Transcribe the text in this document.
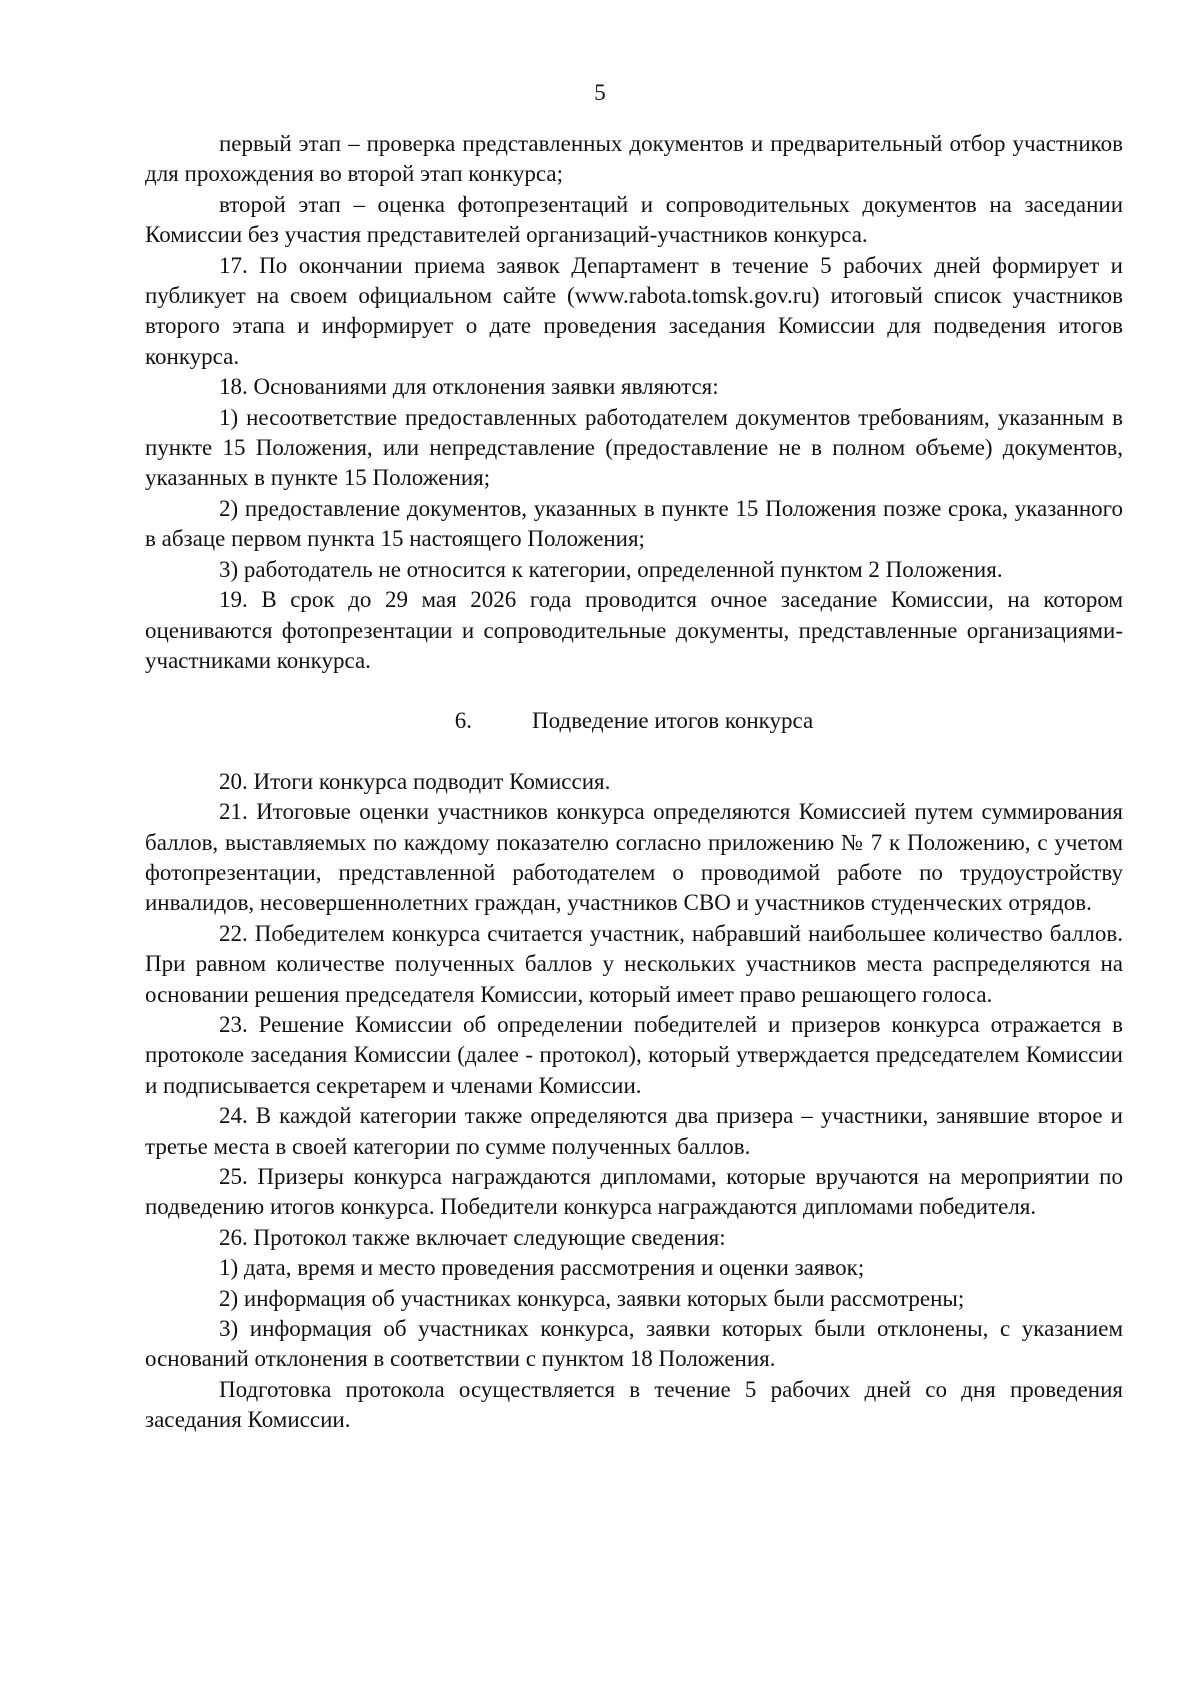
5

первый этап – проверка представленных документов и предварительный отбор участников для прохождения во второй этап конкурса;

второй этап – оценка фотопрезентаций и сопроводительных документов на заседании Комиссии без участия представителей организаций-участников конкурса.

17. По окончании приема заявок Департамент в течение 5 рабочих дней формирует и публикует на своем официальном сайте (www.rabota.tomsk.gov.ru) итоговый список участников второго этапа и информирует о дате проведения заседания Комиссии для подведения итогов конкурса.

18. Основаниями для отклонения заявки являются:

1) несоответствие предоставленных работодателем документов требованиям, указанным в пункте 15 Положения, или непредставление (предоставление не в полном объеме) документов, указанных в пункте 15 Положения;

2) предоставление документов, указанных в пункте 15 Положения позже срока, указанного в абзаце первом пункта 15 настоящего Положения;

3) работодатель не относится к категории, определенной пунктом 2 Положения.

19. В срок до 29 мая 2026 года проводится очное заседание Комиссии, на котором оцениваются фотопрезентации и сопроводительные документы, представленные организациями-участниками конкурса.

6.	Подведение итогов конкурса

20. Итоги конкурса подводит Комиссия.

21. Итоговые оценки участников конкурса определяются Комиссией путем суммирования баллов, выставляемых по каждому показателю согласно приложению № 7 к Положению, с учетом фотопрезентации, представленной работодателем о проводимой работе по трудоустройству инвалидов, несовершеннолетних граждан, участников СВО и участников студенческих отрядов.

22. Победителем конкурса считается участник, набравший наибольшее количество баллов. При равном количестве полученных баллов у нескольких участников места распределяются на основании решения председателя Комиссии, который имеет право решающего голоса.

23. Решение Комиссии об определении победителей и призеров конкурса отражается в протоколе заседания Комиссии (далее - протокол), который утверждается председателем Комиссии и подписывается секретарем и членами Комиссии.

24. В каждой категории также определяются два призера – участники, занявшие второе и третье места в своей категории по сумме полученных баллов.

25. Призеры конкурса награждаются дипломами, которые вручаются на мероприятии по подведению итогов конкурса. Победители конкурса награждаются дипломами победителя.

26. Протокол также включает следующие сведения:

1) дата, время и место проведения рассмотрения и оценки заявок;

2) информация об участниках конкурса, заявки которых были рассмотрены;

3) информация об участниках конкурса, заявки которых были отклонены, с указанием оснований отклонения в соответствии с пунктом 18 Положения.

Подготовка протокола осуществляется в течение 5 рабочих дней со дня проведения заседания Комиссии.
